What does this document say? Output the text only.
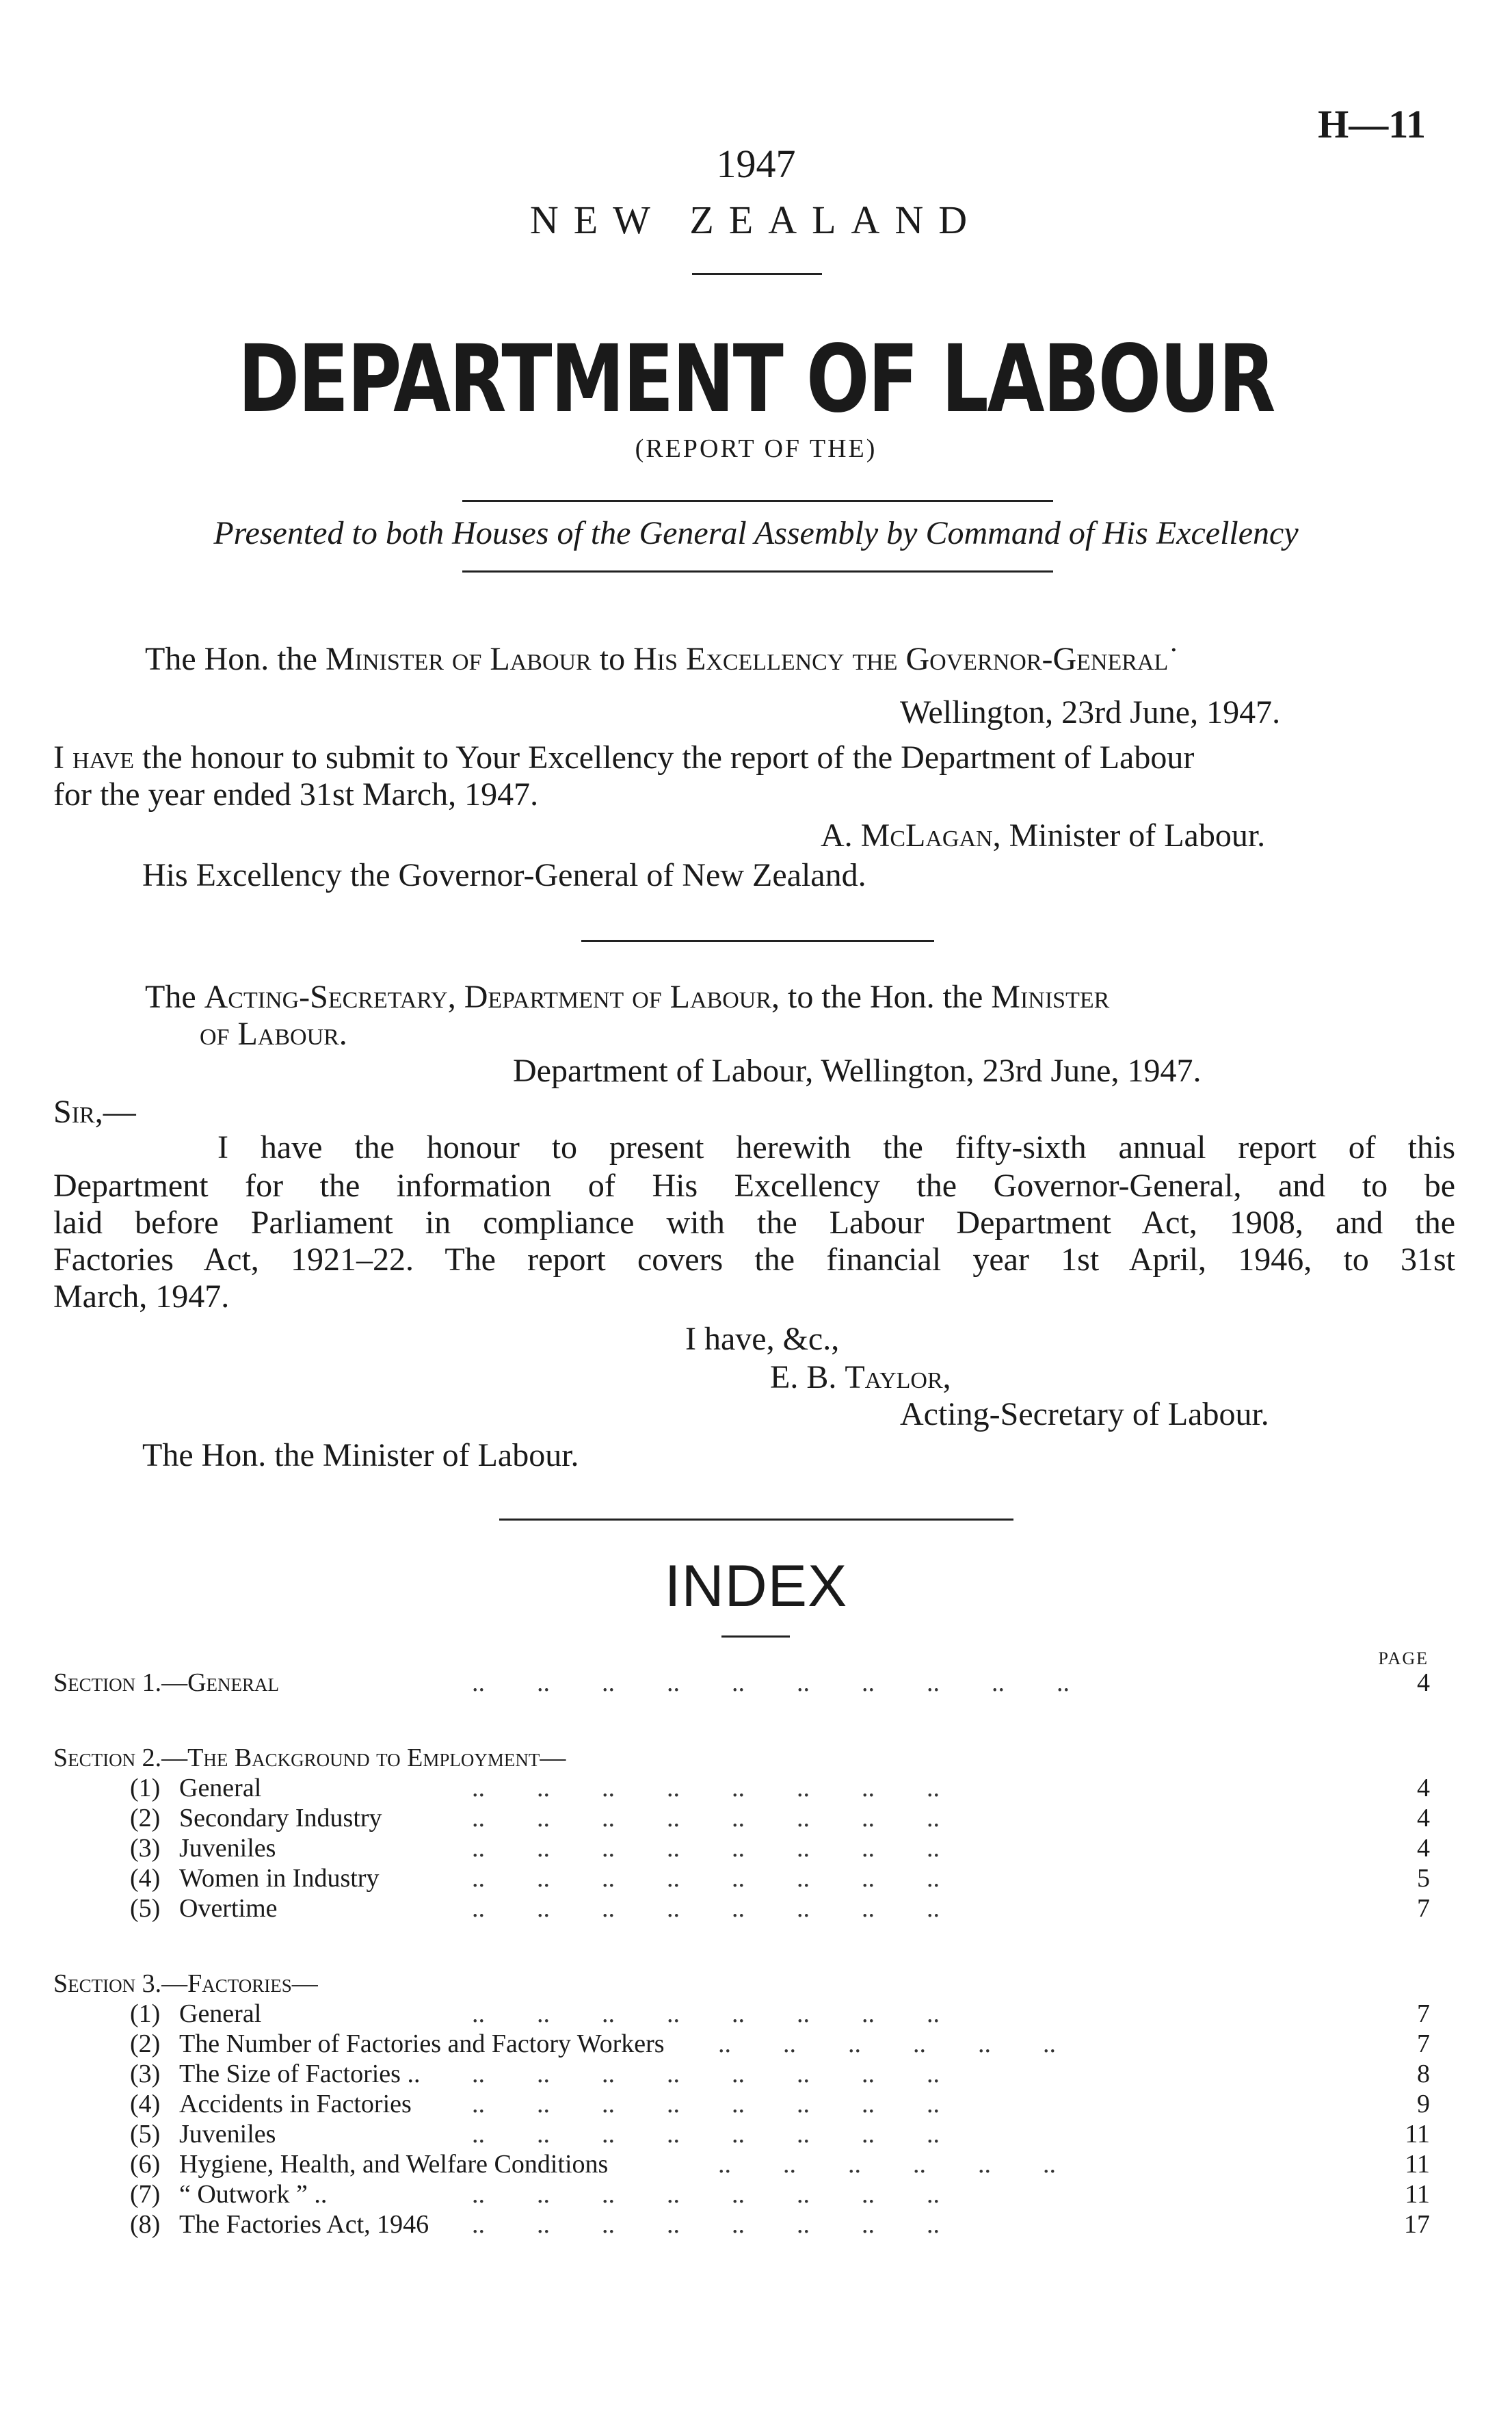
H—11
1947
NEW ZEALAND
DEPARTMENT OF LABOUR
(REPORT OF THE)
Presented to both Houses of the General Assembly by Command of His Excellency
The Hon. the Minister of Labour to His Excellency the Governor-General˙
Wellington, 23rd June, 1947.
I have the honour to submit to Your Excellency the report of the Department of Labour
for the year ended 31st March, 1947.
A. McLagan, Minister of Labour.
His Excellency the Governor-General of New Zealand.
The Acting-Secretary, Department of Labour, to the Hon. the Minister
of Labour.
Department of Labour, Wellington, 23rd June, 1947.
Sir,—
I have the honour to present herewith the fifty-sixth annual report of this
Department for the information of His Excellency the Governor-General, and to be
laid before Parliament in compliance with the Labour Department Act, 1908, and the
Factories Act, 1921–22. The report covers the financial year 1st April, 1946, to 31st
March, 1947.
I have, &c.,
E. B. Taylor,
Acting-Secretary of Labour.
The Hon. the Minister of Labour.
INDEX
PAGE
Section 1.—General	..        ..        ..        ..        ..        ..        ..        ..        ..        ..	4
Section 2.—The Background to Employment—
(1) General	..        ..        ..        ..        ..        ..        ..        ..	4
(2) Secondary Industry	..        ..        ..        ..        ..        ..        ..        ..	4
(3) Juveniles	..        ..        ..        ..        ..        ..        ..        ..	4
(4) Women in Industry	..        ..        ..        ..        ..        ..        ..        ..	5
(5) Overtime	..        ..        ..        ..        ..        ..        ..        ..	7
Section 3.—Factories—
(1) General	..        ..        ..        ..        ..        ..        ..        ..	7
(2) The Number of Factories and Factory Workers ..        ..        ..        ..        ..        ..	7
(3) The Size of Factories .. ..        ..        ..        ..        ..        ..        ..        ..	8
(4) Accidents in Factories ..        ..        ..        ..        ..        ..        ..        ..	9
(5) Juveniles	..        ..        ..        ..        ..        ..        ..        ..	11
(6) Hygiene, Health, and Welfare Conditions	..        ..        ..        ..        ..        ..	11
(7) “ Outwork ” ..	..        ..        ..        ..        ..        ..        ..        ..	11
(8) The Factories Act, 1946 ..        ..        ..        ..        ..        ..        ..        ..	17
